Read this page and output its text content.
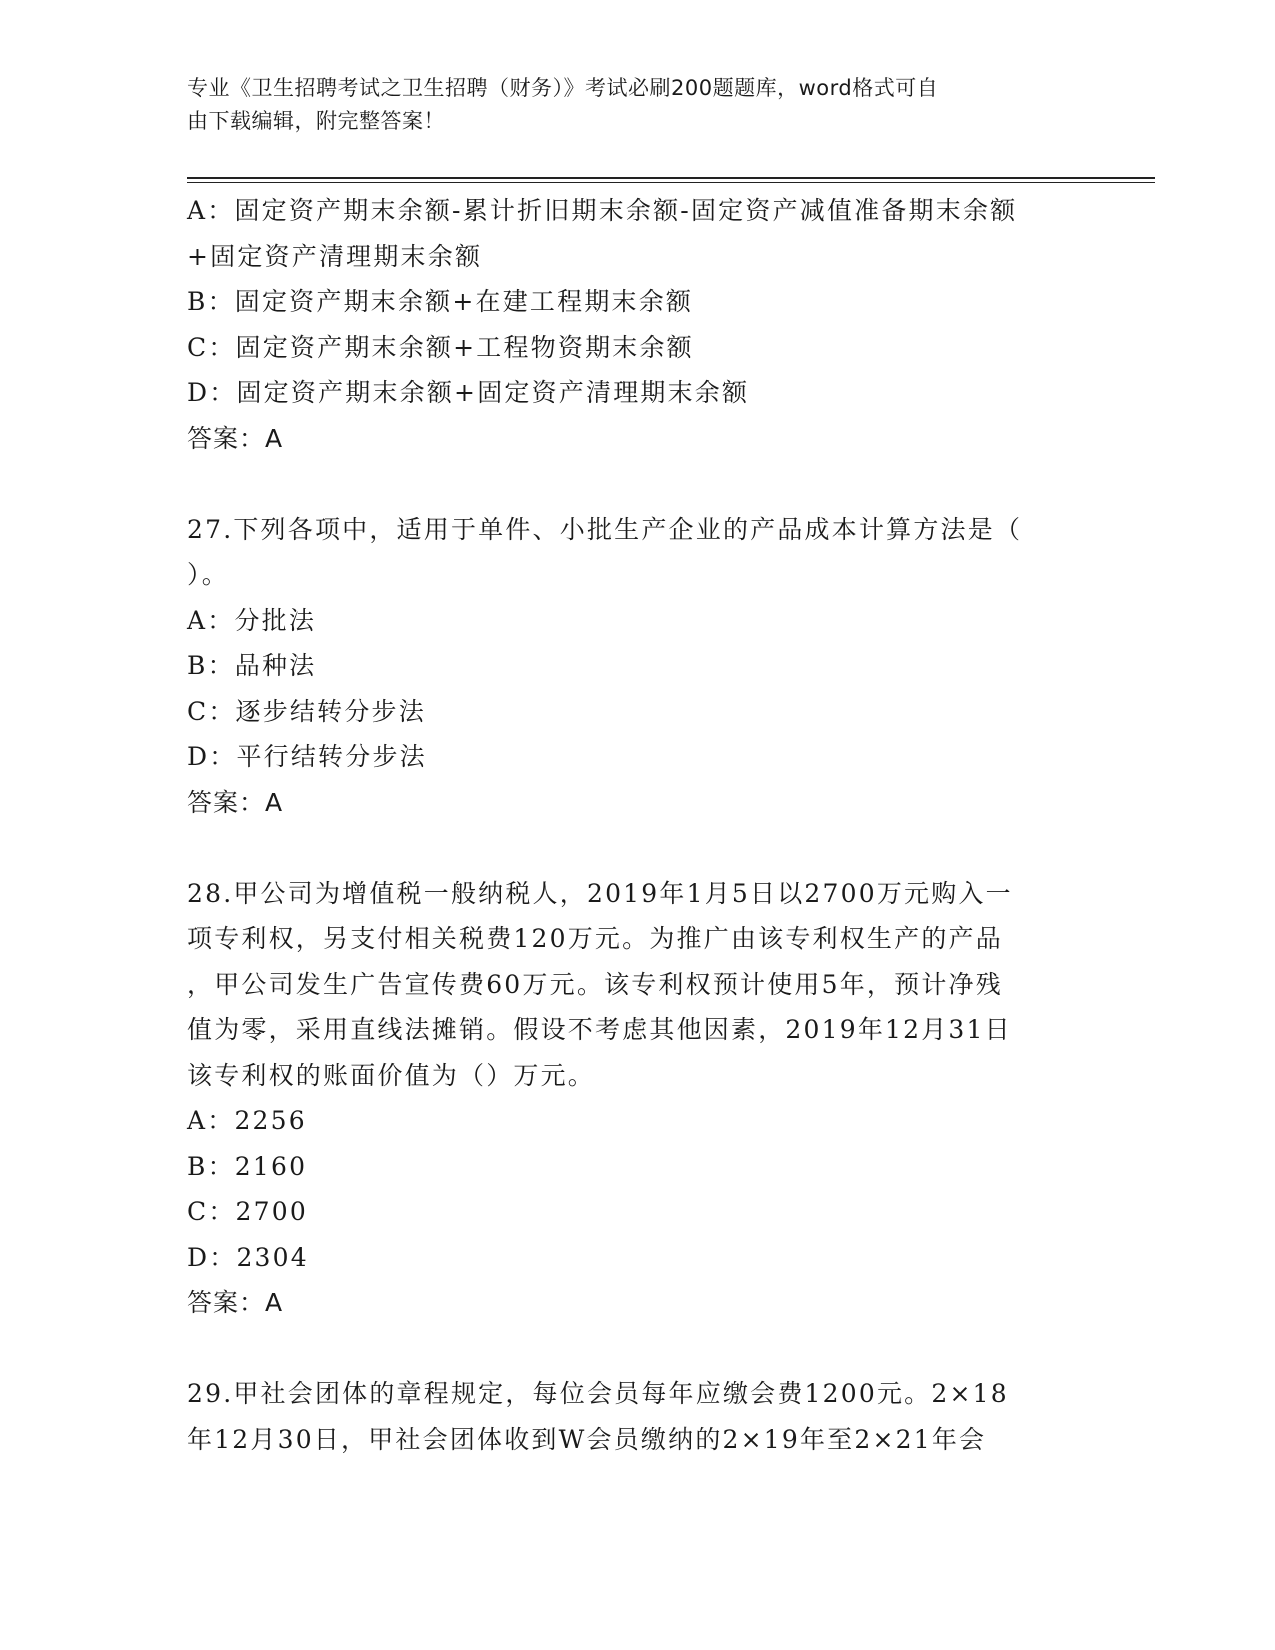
专业《卫生招聘考试之卫生招聘（财务）》考试必刷200题题库，word格式可自
由下载编辑，附完整答案！
A：固定资产期末余额-累计折旧期末余额-固定资产减值准备期末余额
+固定资产清理期末余额
B：固定资产期末余额+在建工程期末余额
C：固定资产期末余额+工程物资期末余额
D：固定资产期末余额+固定资产清理期末余额
答案：A
27.下列各项中，适用于单件、小批生产企业的产品成本计算方法是（
）。
A：分批法
B：品种法
C：逐步结转分步法
D：平行结转分步法
答案：A
28.甲公司为增值税一般纳税人，2019年1月5日以2700万元购入一
项专利权，另支付相关税费120万元。为推广由该专利权生产的产品
，甲公司发生广告宣传费60万元。该专利权预计使用5年，预计净残
值为零，采用直线法摊销。假设不考虑其他因素，2019年12月31日
该专利权的账面价值为（）万元。
A：2256
B：2160
C：2700
D：2304
答案：A
29.甲社会团体的章程规定，每位会员每年应缴会费1200元。2×18
年12月30日，甲社会团体收到W会员缴纳的2×19年至2×21年会
